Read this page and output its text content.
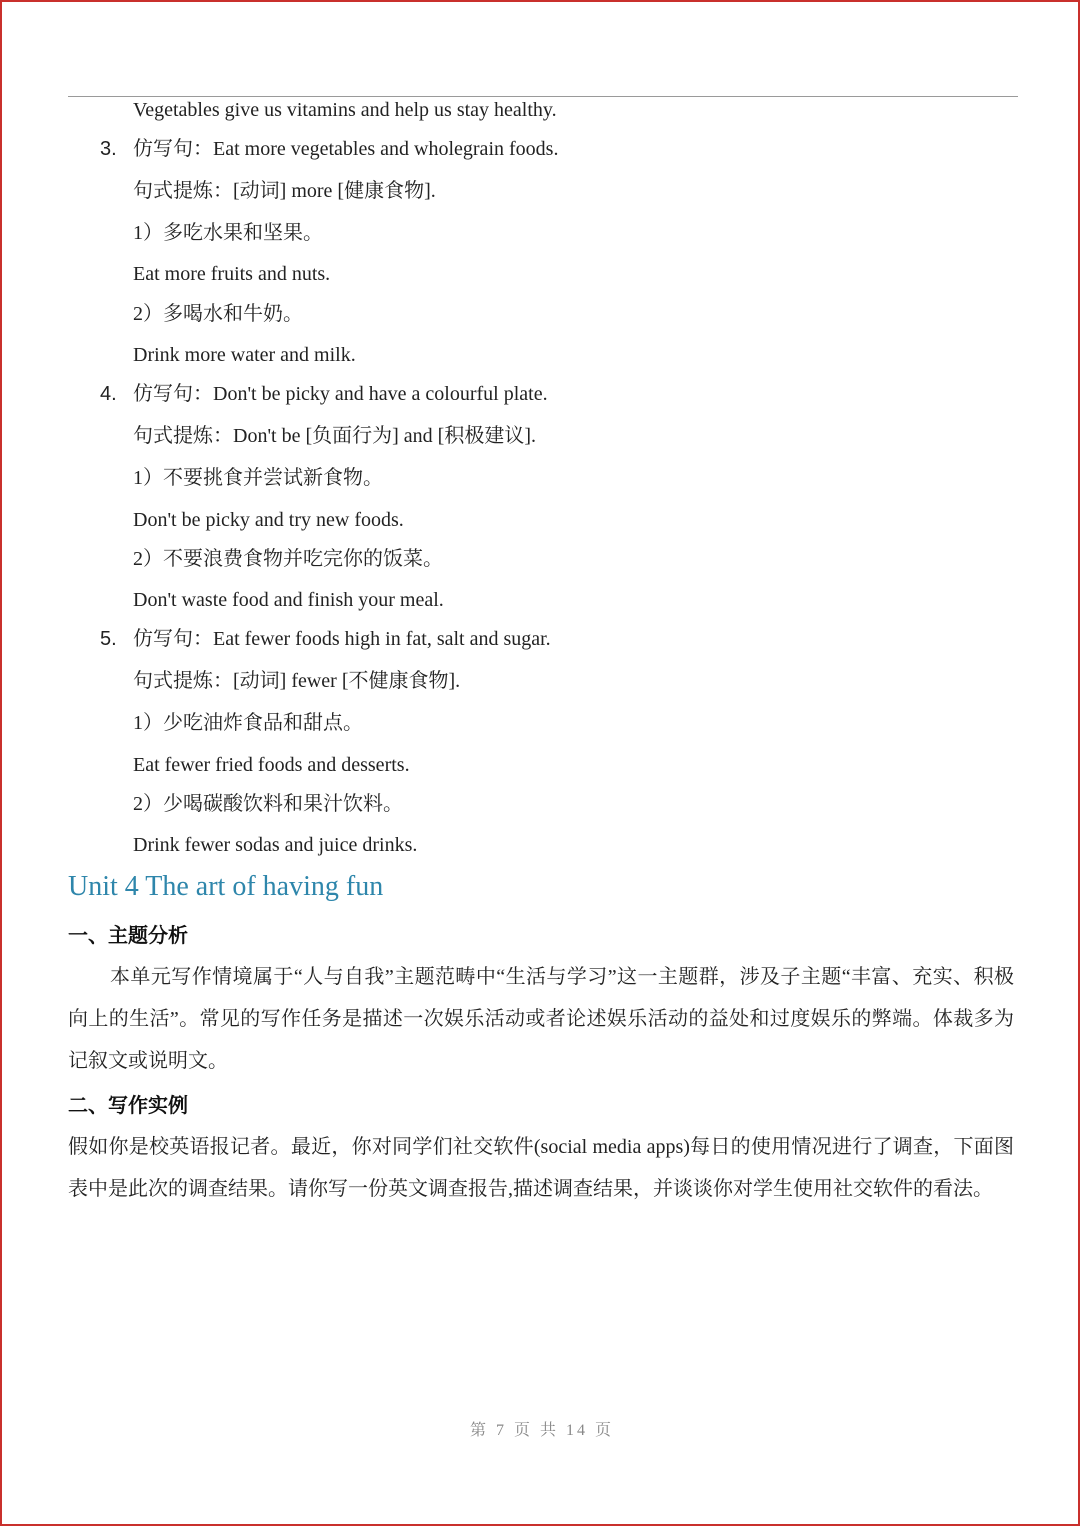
Vegetables give us vitamins and help us stay healthy.
3. 仿写句：Eat more vegetables and wholegrain foods.
句式提炼：[动词] more [健康食物].
1）多吃水果和坚果。
Eat more fruits and nuts.
2）多喝水和牛奶。
Drink more water and milk.
4. 仿写句：Don't be picky and have a colourful plate.
句式提炼：Don't be [负面行为] and [积极建议].
1）不要挑食并尝试新食物。
Don't be picky and try new foods.
2）不要浪费食物并吃完你的饭菜。
Don't waste food and finish your meal.
5. 仿写句：Eat fewer foods high in fat, salt and sugar.
句式提炼：[动词] fewer [不健康食物].
1）少吃油炸食品和甜点。
Eat fewer fried foods and desserts.
2）少喝碳酸饮料和果汁饮料。
Drink fewer sodas and juice drinks.
Unit 4 The art of having fun
一、主题分析
本单元写作情境属于“人与自我”主题范畴中“生活与学习”这一主题群，涉及子主题“丰富、充实、积极向上的生活”。常见的写作任务是描述一次娱乐活动或者论述娱乐活动的益处和过度娱乐的弊端。体裁多为记叙文或说明文。
二、写作实例
假如你是校英语报记者。最近，你对同学们社交软件(social media apps)每日的使用情况进行了调查，下面图表中是此次的调查结果。请你写一份英文调查报告,描述调查结果，并谈谈你对学生使用社交软件的看法。
第 7 页 共 14 页
